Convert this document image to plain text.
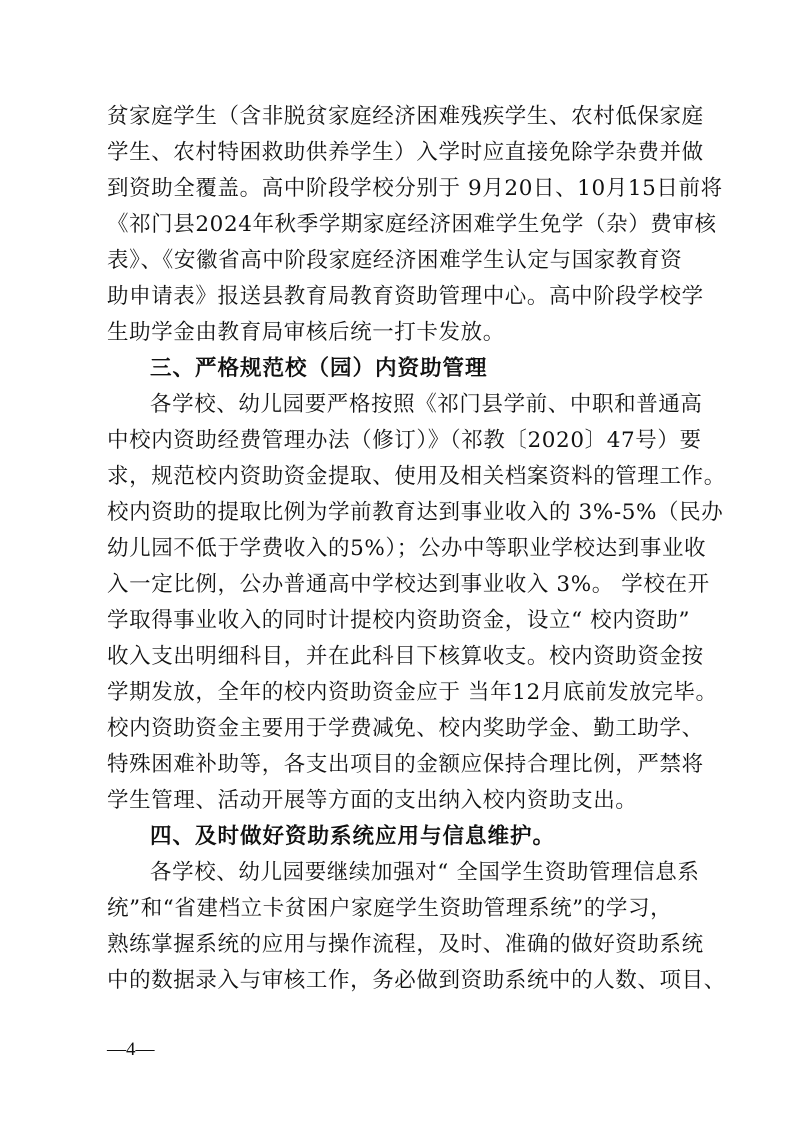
贫家庭学生（含非脱贫家庭经济困难残疾学生、农村低保家庭
学生、农村特困救助供养学生）入学时应直接免除学杂费并做
到资助全覆盖。高中阶段学校分别于 9月20日、10月15日前将
《祁门县2024年秋季学期家庭经济困难学生免学（杂）费审核
表》、《安徽省高中阶段家庭经济困难学生认定与国家教育资
助申请表》报送县教育局教育资助管理中心。高中阶段学校学
生助学金由教育局审核后统一打卡发放。
三、严格规范校（园）内资助管理
各学校、幼儿园要严格按照《祁门县学前、中职和普通高
中校内资助经费管理办法（修订）》（祁教〔2020〕47号）要
求，规范校内资助资金提取、使用及相关档案资料的管理工作。
校内资助的提取比例为学前教育达到事业收入的 3%-5%（民办
幼儿园不低于学费收入的5%）；公办中等职业学校达到事业收
入一定比例，公办普通高中学校达到事业收入 3%。 学校在开
学取得事业收入的同时计提校内资助资金，设立“ 校内资助”
收入支出明细科目，并在此科目下核算收支。校内资助资金按
学期发放，全年的校内资助资金应于 当年12月底前发放完毕。
校内资助资金主要用于学费减免、校内奖助学金、勤工助学、
特殊困难补助等，各支出项目的金额应保持合理比例，严禁将
学生管理、活动开展等方面的支出纳入校内资助支出。
四、及时做好资助系统应用与信息维护。
各学校、幼儿园要继续加强对“ 全国学生资助管理信息系
统”和“省建档立卡贫困户家庭学生资助管理系统”的学习，
熟练掌握系统的应用与操作流程，及时、准确的做好资助系统
中的数据录入与审核工作，务必做到资助系统中的人数、项目、
—4—
